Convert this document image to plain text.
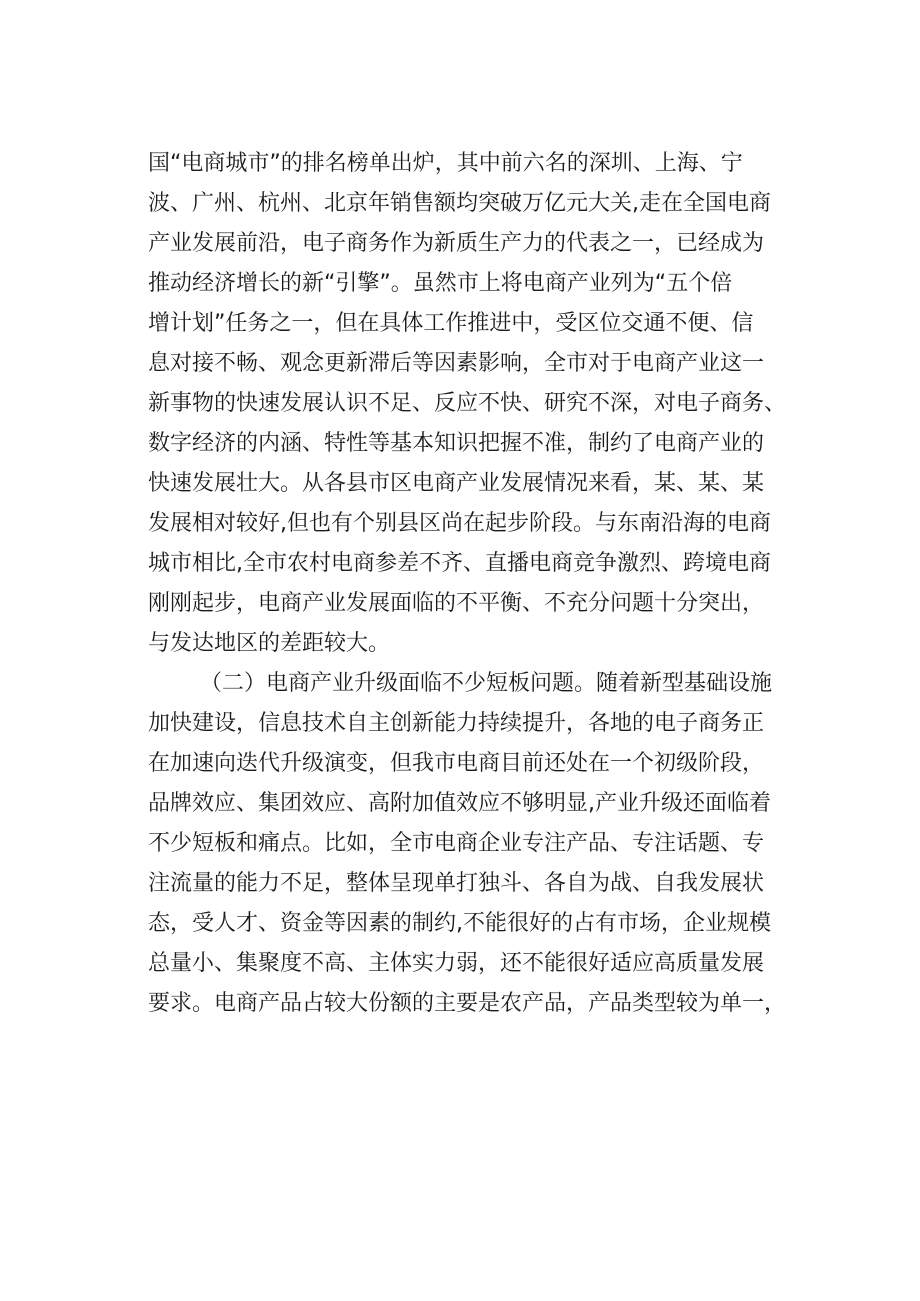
国“电商城市”的排名榜单出炉，其中前六名的深圳、上海、宁
波、广州、杭州、北京年销售额均突破万亿元大关,走在全国电商
产业发展前沿，电子商务作为新质生产力的代表之一，已经成为
推动经济增长的新“引擎”。虽然市上将电商产业列为“五个倍
增计划”任务之一，但在具体工作推进中，受区位交通不便、信
息对接不畅、观念更新滞后等因素影响，全市对于电商产业这一
新事物的快速发展认识不足、反应不快、研究不深，对电子商务、
数字经济的内涵、特性等基本知识把握不准，制约了电商产业的
快速发展壮大。从各县市区电商产业发展情况来看，某、某、某
发展相对较好,但也有个别县区尚在起步阶段。与东南沿海的电商
城市相比,全市农村电商参差不齐、直播电商竞争激烈、跨境电商
刚刚起步，电商产业发展面临的不平衡、不充分问题十分突出，
与发达地区的差距较大。
（二）电商产业升级面临不少短板问题。随着新型基础设施
加快建设，信息技术自主创新能力持续提升，各地的电子商务正
在加速向迭代升级演变，但我市电商目前还处在一个初级阶段，
品牌效应、集团效应、高附加值效应不够明显,产业升级还面临着
不少短板和痛点。比如，全市电商企业专注产品、专注话题、专
注流量的能力不足，整体呈现单打独斗、各自为战、自我发展状
态，受人才、资金等因素的制约,不能很好的占有市场，企业规模
总量小、集聚度不高、主体实力弱，还不能很好适应高质量发展
要求。电商产品占较大份额的主要是农产品，产品类型较为单一，
